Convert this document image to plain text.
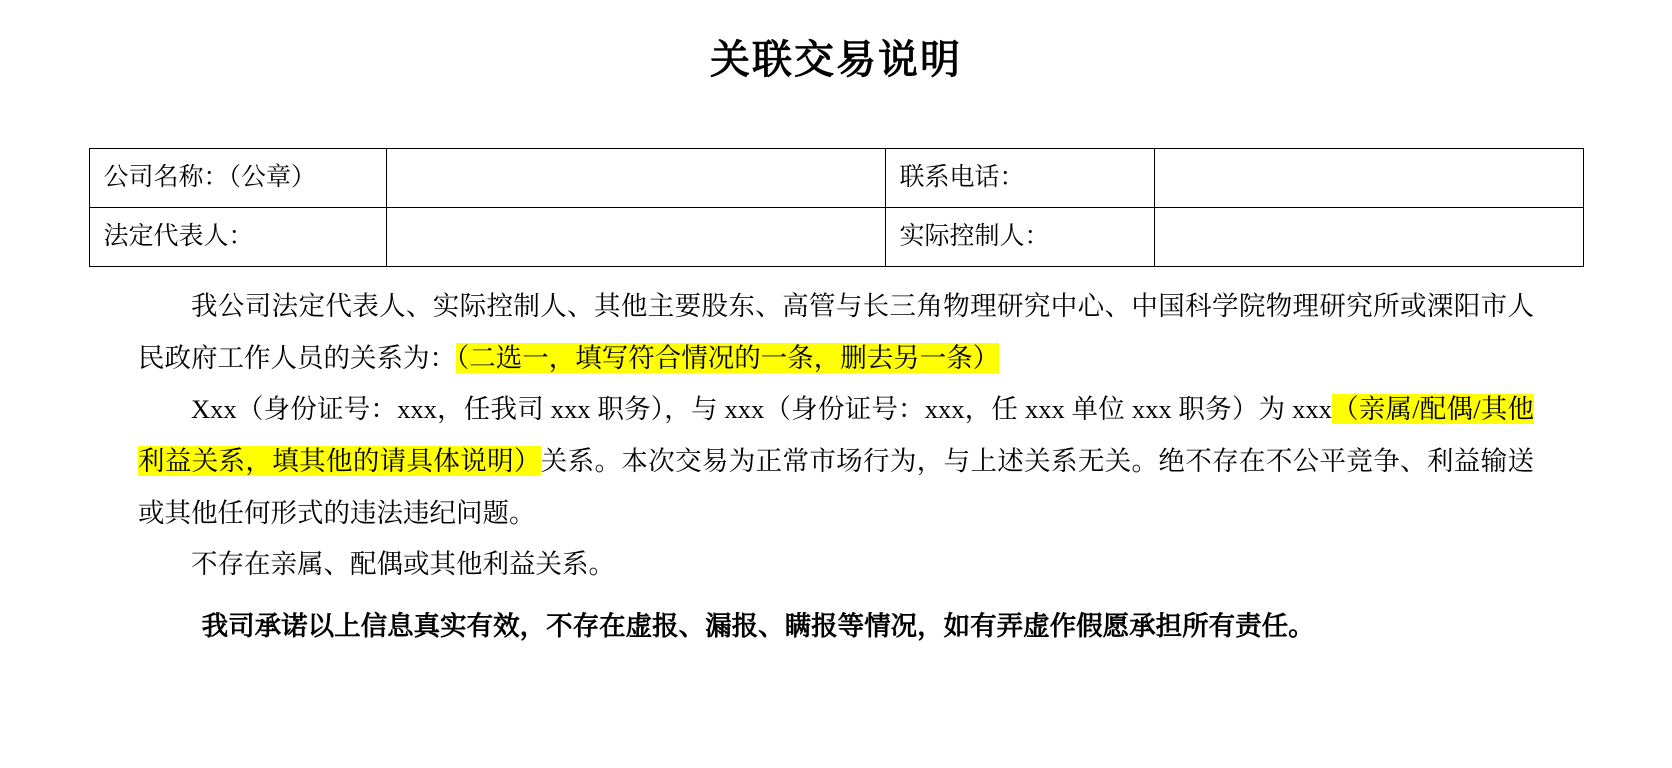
关联交易说明
公司名称：（公章）		联系电话：	
法定代表人：		实际控制人：	

我公司法定代表人、实际控制人、其他主要股东、高管与长三角物理研究中心、中国科学院物理研究所或溧阳市人民政府工作人员的关系为：（二选一，填写符合情况的一条，删去另一条）

Xxx（身份证号：xxx，任我司 xxx 职务），与 xxx（身份证号：xxx，任 xxx 单位 xxx 职务）为 xxx（亲属/配偶/其他利益关系，填其他的请具体说明）关系。本次交易为正常市场行为，与上述关系无关。绝不存在不公平竞争、利益输送或其他任何形式的违法违纪问题。

不存在亲属、配偶或其他利益关系。

我司承诺以上信息真实有效，不存在虚报、漏报、瞒报等情况，如有弄虚作假愿承担所有责任。
